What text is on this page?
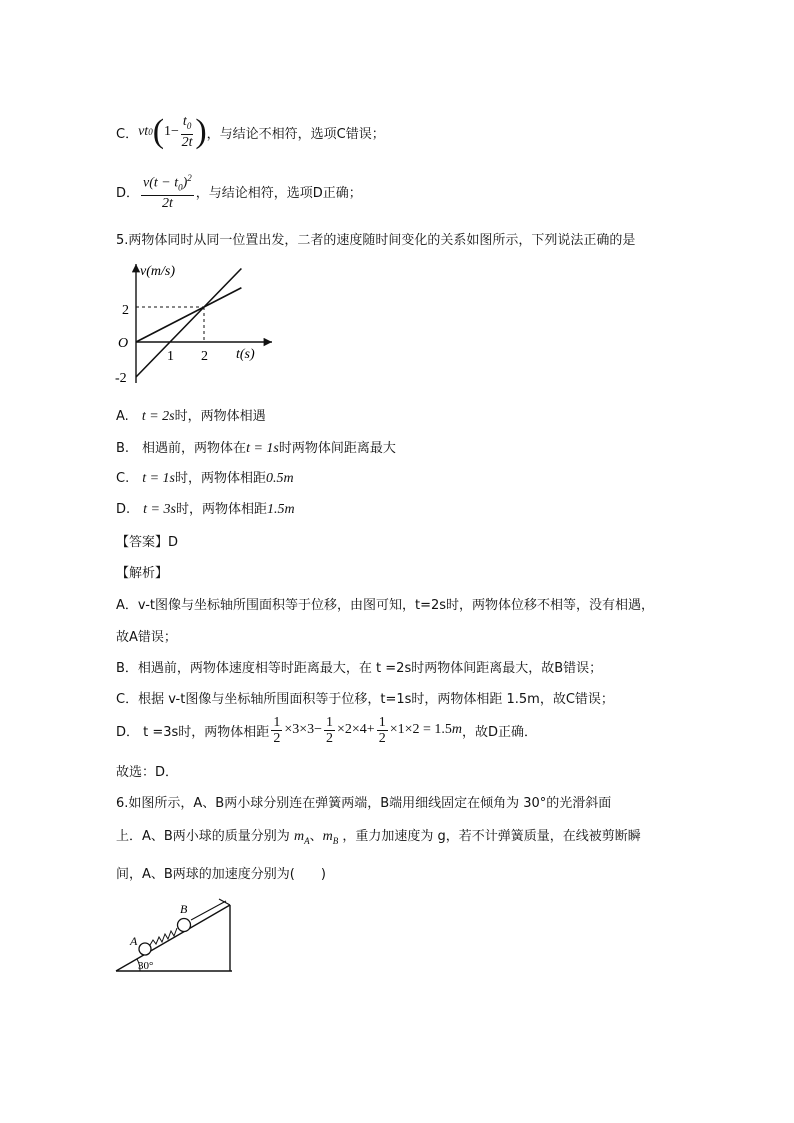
C． vt 0 ( $1- \frac{t_0}{2t}$ ) ，与结论不相符，选项C错误；
D． $\frac{v(t - t_0)^2}{2t}$ ，与结论相符，选项D正确；
5.两物体同时从同一位置出发，二者的速度随时间变化的关系如图所示，下列说法正确的是
v(m/s)
t(s)
O
1 2
2
-2
A.　t = 2s时，两物体相遇
B.　相遇前，两物体在t = 1s时两物体间距离最大
C.　t = 1s时，两物体相距0.5m
D.　t = 3s时，两物体相距1.5m
【答案】D
【解析】
A．v-t图像与坐标轴所围面积等于位移，由图可知，t=2s时，两物体位移不相等，没有相遇，
故A错误；
B．相遇前，两物体速度相等时距离最大，在 t =2s时两物体间距离最大，故B错误；
C．根据 v-t图像与坐标轴所围面积等于位移，t=1s时，两物体相距 1.5m，故C错误；
D． t =3s时，两物体相距 $\frac{1}{2} \times 3\times 3- \frac{1}{2} \times 2\times 4+ \frac{1}{2} \times 1\times 2 = 1.5$ m ，故D正确．
故选：D．
6.如图所示，A、B两小球分别连在弹簧两端，B端用细线固定在倾角为 30°的光滑斜面
上．A、B两小球的质量分别为 $m_A$、$m_B$ ，重力加速度为 g，若不计弹簧质量，在线被剪断瞬
间，A、B两球的加速度分别为(　　)
A
B
30°
